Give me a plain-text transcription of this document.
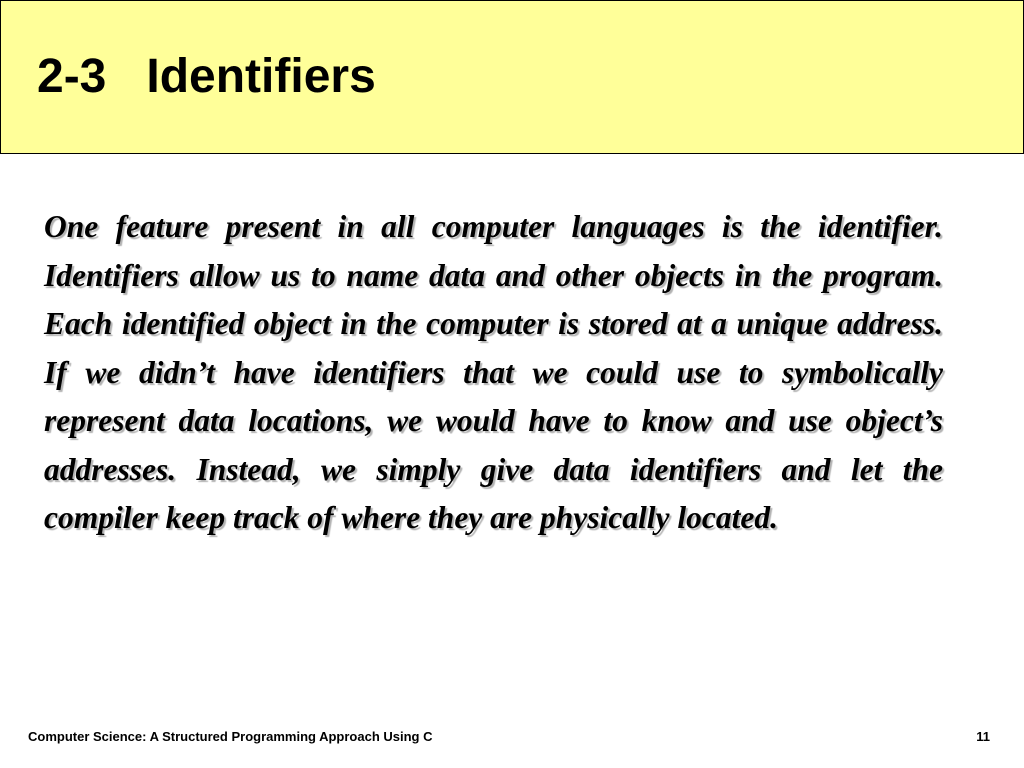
2-3   Identifiers

One feature present in all computer languages is the identifier. Identifiers allow us to name data and other objects in the program. Each identified object in the computer is stored at a unique address. If we didn’t have identifiers that we could use to symbolically represent data locations, we would have to know and use object’s addresses. Instead, we simply give data identifiers and let the compiler keep track of where they are physically located.

Computer Science: A Structured Programming Approach Using C	11
